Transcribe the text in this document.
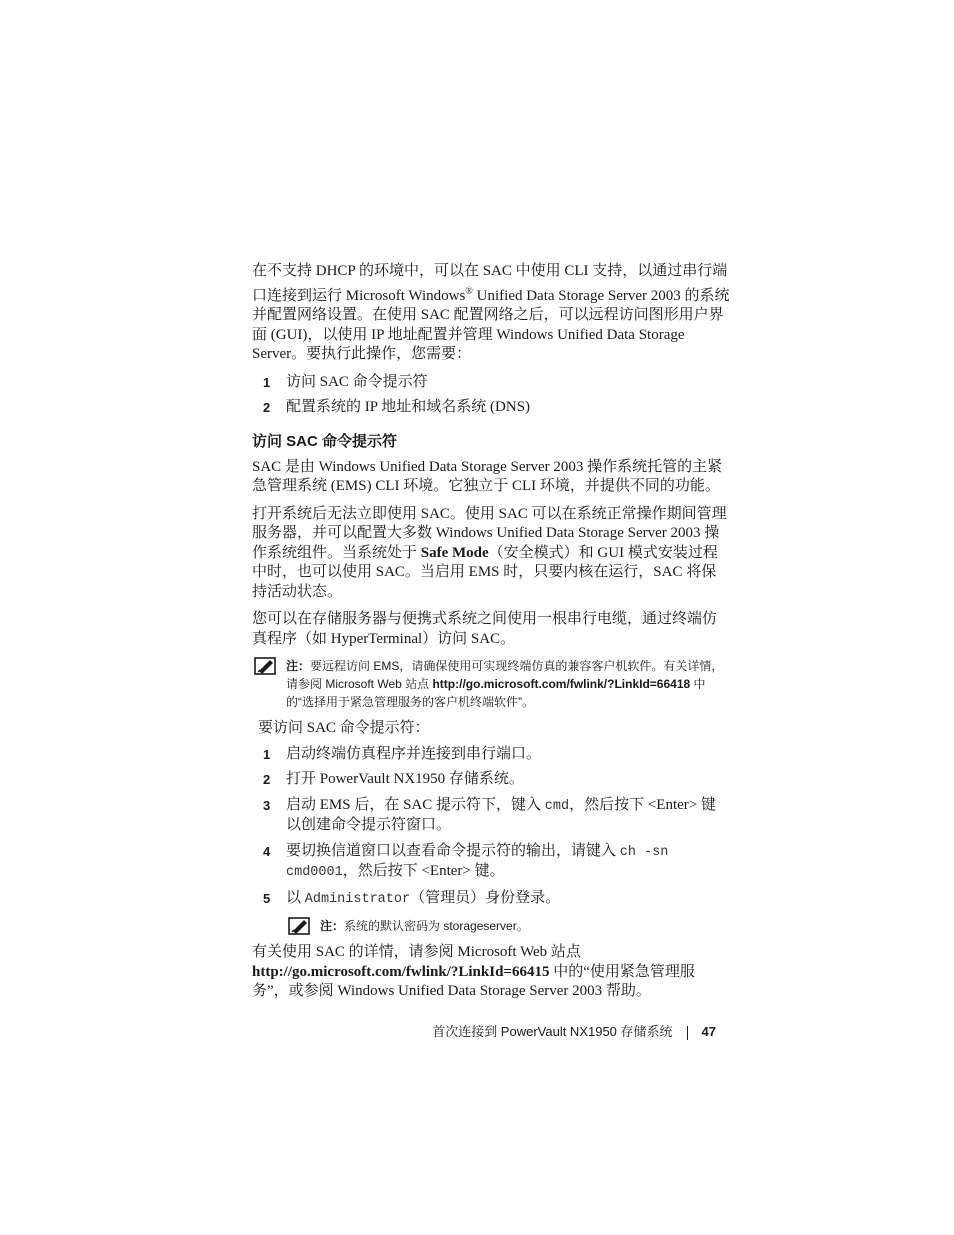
在不支持 DHCP 的环境中，可以在 SAC 中使用 CLI 支持，以通过串行端口连接到运行 Microsoft Windows® Unified Data Storage Server 2003 的系统并配置网络设置。在使用 SAC 配置网络之后，可以远程访问图形用户界面 (GUI)，以使用 IP 地址配置并管理 Windows Unified Data Storage Server。要执行此操作，您需要：

1 访问 SAC 命令提示符
2 配置系统的 IP 地址和域名系统 (DNS)
访问 SAC 命令提示符

SAC 是由 Windows Unified Data Storage Server 2003 操作系统托管的主紧急管理系统 (EMS) CLI 环境。它独立于 CLI 环境，并提供不同的功能。

打开系统后无法立即使用 SAC。使用 SAC 可以在系统正常操作期间管理服务器，并可以配置大多数 Windows Unified Data Storage Server 2003 操作系统组件。当系统处于 Safe Mode（安全模式）和 GUI 模式安装过程中时，也可以使用 SAC。当启用 EMS 时，只要内核在运行，SAC 将保持活动状态。

您可以在存储服务器与便携式系统之间使用一根串行电缆，通过终端仿真程序（如 HyperTerminal）访问 SAC。

注：要远程访问 EMS，请确保使用可实现终端仿真的兼容客户机软件。有关详情，请参阅 Microsoft Web 站点 http://go.microsoft.com/fwlink/?LinkId=66418 中的“选择用于紧急管理服务的客户机终端软件”。

要访问 SAC 命令提示符：

1 启动终端仿真程序并连接到串行端口。
2 打开 PowerVault NX1950 存储系统。
3 启动 EMS 后，在 SAC 提示符下，键入 cmd，然后按下 <Enter> 键以创建命令提示符窗口。
4 要切换信道窗口以查看命令提示符的输出，请键入 ch -sn cmd0001，然后按下 <Enter> 键。
5 以 Administrator（管理员）身份登录。
注：系统的默认密码为 storageserver。

有关使用 SAC 的详情，请参阅 Microsoft Web 站点 http://go.microsoft.com/fwlink/?LinkId=66415 中的“使用紧急管理服务”，或参阅 Windows Unified Data Storage Server 2003 帮助。

首次连接到 PowerVault NX1950 存储系统 47
